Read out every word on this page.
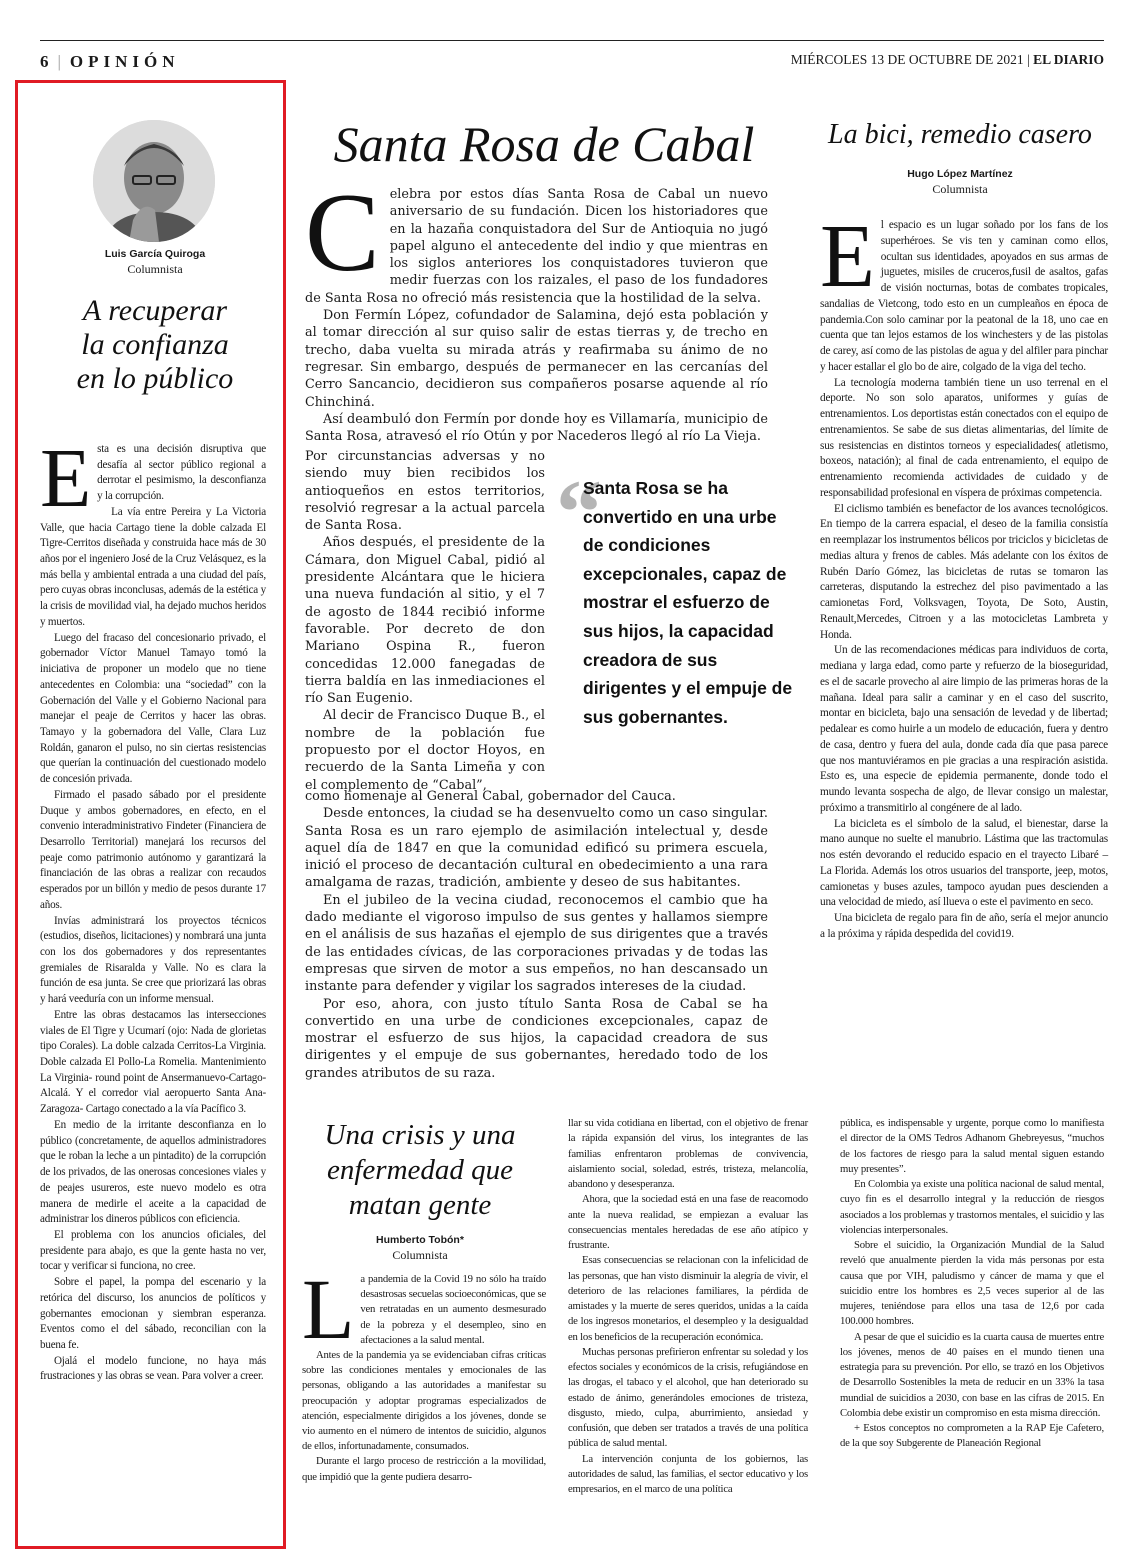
6 | OPINIÓN	MIÉRCOLES 13 DE OCTUBRE DE 2021 | EL DIARIO
Luis García Quiroga
Columnista
A recuperar
la confianza
en lo público
E sta es una decisión disruptiva que desafía al sector público regional a derrotar el pesimismo, la desconfianza y la corrupción.

La vía entre Pereira y La Victoria Valle, que hacia Cartago tiene la doble calzada El Tigre-Cerritos diseñada y construida hace más de 30 años por el ingeniero José de la Cruz Velásquez, es la más bella y ambiental entrada a una ciudad del país, pero cuyas obras inconclusas, además de la estética y la crisis de movilidad vial, ha dejado muchos heridos y muertos.

Luego del fracaso del concesionario privado, el gobernador Víctor Manuel Tamayo tomó la iniciativa de proponer un modelo que no tiene antecedentes en Colombia: una “sociedad” con la Gobernación del Valle y el Gobierno Nacional para manejar el peaje de Cerritos y hacer las obras. Tamayo y la gobernadora del Valle, Clara Luz Roldán, ganaron el pulso, no sin ciertas resistencias que querían la continuación del cuestionado modelo de concesión privada.

Firmado el pasado sábado por el presidente Duque y ambos gobernadores, en efecto, en el convenio interadministrativo Findeter (Financiera de Desarrollo Territorial) manejará los recursos del peaje como patrimonio autónomo y garantizará la financiación de las obras a realizar con recaudos esperados por un billón y medio de pesos durante 17 años.

Invías administrará los proyectos técnicos (estudios, diseños, licitaciones) y nombrará una junta con los dos gobernadores y dos representantes gremiales de Risaralda y Valle. No es clara la función de esa junta. Se cree que priorizará las obras y hará veeduría con un informe mensual.

Entre las obras destacamos las intersecciones viales de El Tigre y Ucumarí (ojo: Nada de glorietas tipo Corales). La doble calzada Cerritos-La Virginia. Doble calzada El Pollo-La Romelia. Mantenimiento La Virginia- round point de Ansermanuevo-Cartago-Alcalá. Y el corredor vial aeropuerto Santa Ana- Zaragoza- Cartago conectado a la vía Pacífico 3.

En medio de la irritante desconfianza en lo público (concretamente, de aquellos administradores que le roban la leche a un pintadito) de la corrupción de los privados, de las onerosas concesiones viales y de peajes usureros, este nuevo modelo es otra manera de medirle el aceite a la capacidad de administrar los dineros públicos con eficiencia.

El problema con los anuncios oficiales, del presidente para abajo, es que la gente hasta no ver, tocar y verificar si funciona, no cree.

Sobre el papel, la pompa del escenario y la retórica del discurso, los anuncios de políticos y gobernantes emocionan y siembran esperanza. Eventos como el del sábado, reconcilian con la buena fe.

Ojalá el modelo funcione, no haya más frustraciones y las obras se vean. Para volver a creer.

Santa Rosa de Cabal
C elebra por estos días Santa Rosa de Cabal un nuevo aniversario de su fundación. Dicen los historiadores que en la hazaña conquistadora del Sur de Antioquia no jugó papel alguno el antecedente del indio y que mientras en los siglos anteriores los conquistadores tuvieron que medir fuerzas con los raizales, el paso de los fundadores de Santa Rosa no ofreció más resistencia que la hostilidad de la selva.

Don Fermín López, cofundador de Salamina, dejó esta población y al tomar dirección al sur quiso salir de estas tierras y, de trecho en trecho, daba vuelta su mirada atrás y reafirmaba su ánimo de no regresar. Sin embargo, después de permanecer en las cercanías del Cerro Sancancio, decidieron sus compañeros posarse aquende al río Chinchiná.

Así deambuló don Fermín por donde hoy es Villamaría, municipio de Santa Rosa, atravesó el río Otún y por Nacederos llegó al río La Vieja.

Por circunstancias adversas y no siendo muy bien recibidos los antioqueños en estos territorios, resolvió regresar a la actual parcela de Santa Rosa.

Años después, el presidente de la Cámara, don Miguel Cabal, pidió al presidente Alcántara que le hiciera una nueva fundación al sitio, y el 7 de agosto de 1844 recibió informe favorable. Por decreto de don Mariano Ospina R., fueron concedidas 12.000 fanegadas de tierra baldía en las inmediaciones el río San Eugenio.

Al decir de Francisco Duque B., el nombre de la población fue propuesto por el doctor Hoyos, en recuerdo de la Santa Limeña y con el complemento de “Cabal”,

“
Santa Rosa se ha convertido en una urbe de condiciones excepcionales, capaz de mostrar el esfuerzo de sus hijos, la capacidad creadora de sus dirigentes y el empuje de sus gobernantes.

como homenaje al General Cabal, gobernador del Cauca.

Desde entonces, la ciudad se ha desenvuelto como un caso singular. Santa Rosa es un raro ejemplo de asimilación intelectual y, desde aquel día de 1847 en que la comunidad edificó su primera escuela, inició el proceso de decantación cultural en obedecimiento a una rara amalgama de razas, tradición, ambiente y deseo de sus habitantes.

En el jubileo de la vecina ciudad, reconocemos el cambio que ha dado mediante el vigoroso impulso de sus gentes y hallamos siempre en el análisis de sus hazañas el ejemplo de sus dirigentes que a través de las entidades cívicas, de las corporaciones privadas y de todas las empresas que sirven de motor a sus empeños, no han descansado un instante para defender y vigilar los sagrados intereses de la ciudad.

Por eso, ahora, con justo título Santa Rosa de Cabal se ha convertido en una urbe de condiciones excepcionales, capaz de mostrar el esfuerzo de sus hijos, la capacidad creadora de sus dirigentes y el empuje de sus gobernantes, heredado todo de los grandes atributos de su raza.

La bici, remedio casero
Hugo López Martínez
Columnista
E l espacio es un lugar soñado por los fans de los superhéroes. Se vis ten y caminan como ellos, ocultan sus identidades, apoyados en sus armas de juguetes, misiles de cruceros,fusil de asaltos, gafas de visión nocturnas, botas de combates tropicales, sandalias de Vietcong, todo esto en un cumpleaños en época de pandemia.Con solo caminar por la peatonal de la 18, uno cae en cuenta que tan lejos estamos de los winchesters y de las pistolas de carey, así como de las pistolas de agua y del alfiler para pinchar y hacer estallar el glo bo de aire, colgado de la viga del techo.

La tecnología moderna también tiene un uso terrenal en el deporte. No son solo aparatos, uniformes y guías de entrenamientos. Los deportistas están conectados con el equipo de entrenamientos. Se sabe de sus dietas alimentarias, del límite de sus resistencias en distintos torneos y especialidades( atletismo, boxeos, natación); al final de cada entrenamiento, el equipo de entrenamiento recomienda actividades de cuidado y de responsabilidad profesional en víspera de próximas competencia.

El ciclismo también es benefactor de los avances tecnológicos. En tiempo de la carrera espacial, el deseo de la familia consistía en reemplazar los instrumentos bélicos por triciclos y bicicletas de medias altura y frenos de cables. Más adelante con los éxitos de Rubén Darío Gómez, las bicicletas de rutas se tomaron las carreteras, disputando la estrechez del piso pavimentado a las camionetas Ford, Volksvagen, Toyota, De Soto, Austin, Renault,Mercedes, Citroen y a las motocicletas Lambreta y Honda.

Un de las recomendaciones médicas para individuos de corta, mediana y larga edad, como parte y refuerzo de la bioseguridad, es el de sacarle provecho al aire limpio de las primeras horas de la mañana. Ideal para salir a caminar y en el caso del suscrito, montar en bicicleta, bajo una sensación de levedad y de libertad; pedalear es como huirle a un modelo de educación, fuera y dentro de casa, dentro y fuera del aula, donde cada día que pasa parece que nos mantuviéramos en pie gracias a una respiración asistida. Esto es, una especie de epidemia permanente, donde todo el mundo levanta sospecha de algo, de llevar consigo un malestar, próximo a transmitirlo al congénere de al lado.

La bicicleta es el símbolo de la salud, el bienestar, darse la mano aunque no suelte el manubrio. Lástima que las tractomulas nos estén devorando el reducido espacio en el trayecto Libaré – La Florida. Además los otros usuarios del transporte, jeep, motos, camionetas y buses azules, tampoco ayudan pues descienden a una velocidad de miedo, así llueva o este el pavimento en seco.

Una bicicleta de regalo para fin de año, sería el mejor anuncio a la próxima y rápida despedida del covid19.

Una crisis y una
enfermedad que
matan gente
Humberto Tobón*
Columnista
L a pandemia de la Covid 19 no sólo ha traído desastrosas secuelas socioeconómicas, que se ven retratadas en un aumento desmesurado de la pobreza y el desempleo, sino en afectaciones a la salud mental.

Antes de la pandemia ya se evidenciaban cifras críticas sobre las condiciones mentales y emocionales de las personas, obligando a las autoridades a manifestar su preocupación y adoptar programas especializados de atención, especialmente dirigidos a los jóvenes, donde se vio aumento en el número de intentos de suicidio, algunos de ellos, infortunadamente, consumados.

Durante el largo proceso de restricción a la movilidad, que impidió que la gente pudiera desarro-

llar su vida cotidiana en libertad, con el objetivo de frenar la rápida expansión del virus, los integrantes de las familias enfrentaron problemas de convivencia, aislamiento social, soledad, estrés, tristeza, melancolía, abandono y desesperanza.

Ahora, que la sociedad está en una fase de reacomodo ante la nueva realidad, se empiezan a evaluar las consecuencias mentales heredadas de ese año atípico y frustrante.

Esas consecuencias se relacionan con la infelicidad de las personas, que han visto disminuir la alegría de vivir, el deterioro de las relaciones familiares, la pérdida de amistades y la muerte de seres queridos, unidas a la caída de los ingresos monetarios, el desempleo y la desigualdad en los beneficios de la recuperación económica.

Muchas personas prefirieron enfrentar su soledad y los efectos sociales y económicos de la crisis, refugiándose en las drogas, el tabaco y el alcohol, que han deteriorado su estado de ánimo, generándoles emociones de tristeza, disgusto, miedo, culpa, aburrimiento, ansiedad y confusión, que deben ser tratados a través de una política pública de salud mental.

La intervención conjunta de los gobiernos, las autoridades de salud, las familias, el sector educativo y los empresarios, en el marco de una política

pública, es indispensable y urgente, porque como lo manifiesta el director de la OMS Tedros Adhanom Ghebreyesus, “muchos de los factores de riesgo para la salud mental siguen estando muy presentes”.

En Colombia ya existe una política nacional de salud mental, cuyo fin es el desarrollo integral y la reducción de riesgos asociados a los problemas y trastornos mentales, el suicidio y las violencias interpersonales.

Sobre el suicidio, la Organización Mundial de la Salud reveló que anualmente pierden la vida más personas por esta causa que por VIH, paludismo y cáncer de mama y que el suicidio entre los hombres es 2,5 veces superior al de las mujeres, teniéndose para ellos una tasa de 12,6 por cada 100.000 hombres.

A pesar de que el suicidio es la cuarta causa de muertes entre los jóvenes, menos de 40 países en el mundo tienen una estrategia para su prevención. Por ello, se trazó en los Objetivos de Desarrollo Sostenibles la meta de reducir en un 33% la tasa mundial de suicidios a 2030, con base en las cifras de 2015. En Colombia debe existir un compromiso en esta misma dirección.

+ Estos conceptos no comprometen a la RAP Eje Cafetero, de la que soy Subgerente de Planeación Regional
